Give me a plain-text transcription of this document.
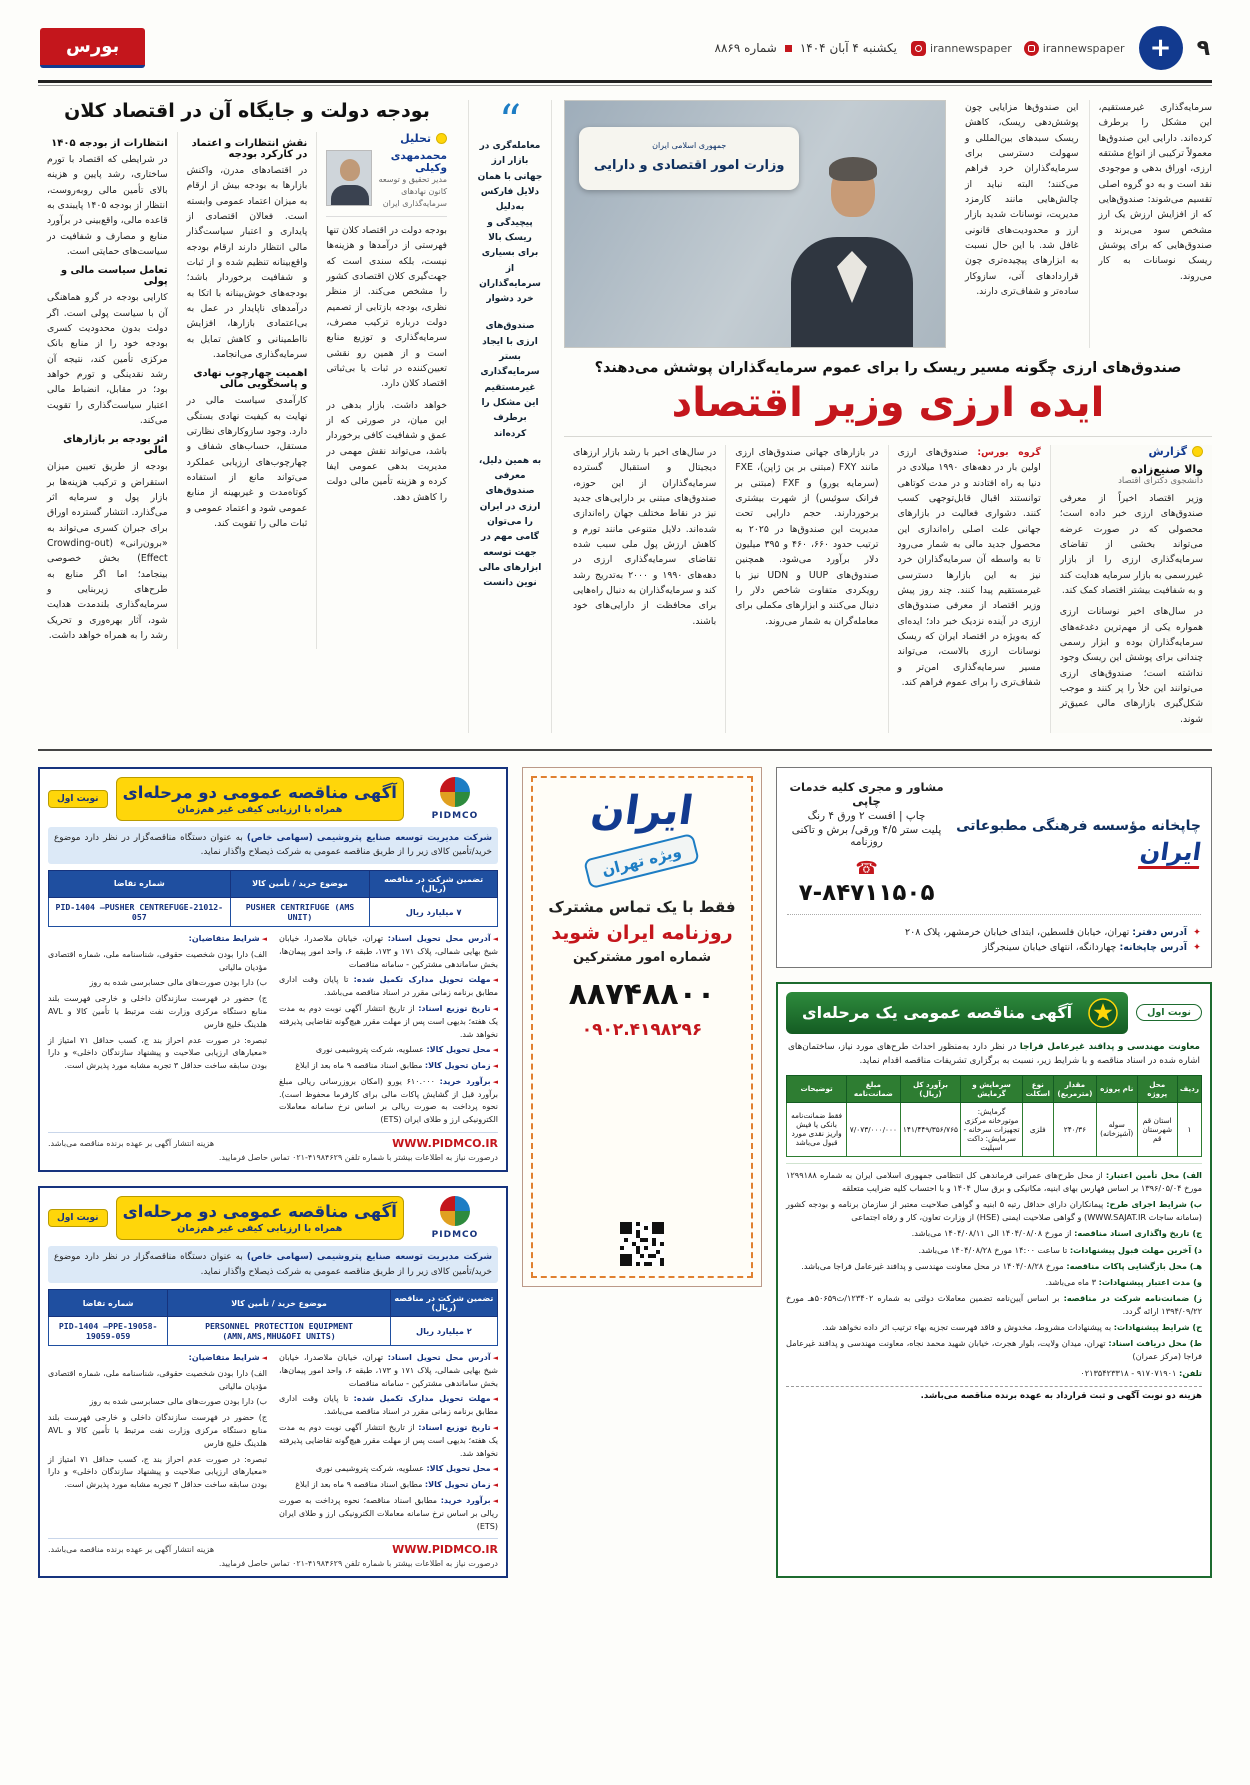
۹
+
irannewspaper
irannewspaper
یکشنبه ۴ آبان ۱۴۰۴
شماره ۸۸۶۹
بورس

سرمایه‌گذاری غیرمستقیم، این مشکل را برطرف کرده‌اند. دارایی این صندوق‌ها معمولاً ترکیبی از انواع مشتقه ارزی، اوراق بدهی و موجودی نقد است و به دو گروه اصلی تقسیم می‌شوند: صندوق‌هایی که از افزایش ارزش یک ارز مشخص سود می‌برند و صندوق‌هایی که برای پوشش ریسک نوسانات به کار می‌روند.

این صندوق‌ها مزایایی چون پوشش‌دهی ریسک، کاهش ریسک سبدهای بین‌المللی و سهولت دسترسی برای سرمایه‌گذاران خرد فراهم می‌کنند؛ البته نباید از چالش‌هایی مانند کارمزد مدیریت، نوسانات شدید بازار ارز و محدودیت‌های قانونی غافل شد. با این حال نسبت به ابزارهای پیچیده‌تری چون قراردادهای آتی، سازوکار ساده‌تر و شفاف‌تری دارند.

جمهوری اسلامی ایران
وزارت امور اقتصادی و دارایی
صندوق‌های ارزی چگونه مسیر ریسک را برای عموم سرمایه‌گذاران پوشش می‌دهند؟
ایده ارزی وزیر اقتصاد
گزارش
والا صنیع‌زاده
دانشجوی دکترای اقتصاد

وزیر اقتصاد اخیراً از معرفی صندوق‌های ارزی خبر داده است؛ محصولی که در صورت عرضه می‌تواند بخشی از تقاضای سرمایه‌گذاری ارزی را از بازار غیررسمی به بازار سرمایه هدایت کند و به شفافیت بیشتر اقتصاد کمک کند.

در سال‌های اخیر نوسانات ارزی همواره یکی از مهم‌ترین دغدغه‌های سرمایه‌گذاران بوده و ابزار رسمی چندانی برای پوشش این ریسک وجود نداشته است؛ صندوق‌های ارزی می‌توانند این خلأ را پر کنند و موجب شکل‌گیری بازارهای مالی عمیق‌تر شوند.

گروه بورس: صندوق‌های ارزی اولین بار در دهه‌های ۱۹۹۰ میلادی در دنیا به راه افتادند و در مدت کوتاهی توانستند اقبال قابل‌توجهی کسب کنند. دشواری فعالیت در بازارهای جهانی علت اصلی راه‌اندازی این محصول جدید مالی به شمار می‌رود تا به واسطه آن سرمایه‌گذاران خرد نیز به این بازارها دسترسی غیرمستقیم پیدا کنند. چند روز پیش وزیر اقتصاد از معرفی صندوق‌های ارزی در آینده نزدیک خبر داد؛ ایده‌ای که به‌ویژه در اقتصاد ایران که ریسک نوسانات ارزی بالاست، می‌تواند مسیر سرمایه‌گذاری امن‌تر و شفاف‌تری را برای عموم فراهم کند.

در بازارهای جهانی صندوق‌های ارزی مانند FXY (مبتنی بر ین ژاپن)، FXE (سرمایه یورو) و FXF (مبتنی بر فرانک سوئیس) از شهرت بیشتری برخوردارند. حجم دارایی تحت مدیریت این صندوق‌ها در ۲۰۲۵ به ترتیب حدود ۶۶۰، ۴۶۰ و ۳۹۵ میلیون دلار برآورد می‌شود. همچنین صندوق‌های UUP و UDN نیز با رویکردی متفاوت شاخص دلار را دنبال می‌کنند و ابزارهای مکملی برای معامله‌گران به شمار می‌روند.

در سال‌های اخیر با رشد بازار ارزهای دیجیتال و استقبال گسترده سرمایه‌گذاران از این حوزه، صندوق‌های مبتنی بر دارایی‌های جدید نیز در نقاط مختلف جهان راه‌اندازی شده‌اند. دلایل متنوعی مانند تورم و کاهش ارزش پول ملی سبب شده تقاضای سرمایه‌گذاری ارزی در دهه‌های ۱۹۹۰ و ۲۰۰۰ به‌تدریج رشد کند و سرمایه‌گذاران به دنبال راه‌هایی برای محافظت از دارایی‌های خود باشند.

“

معامله‌گری در بازار ارز جهانی با همان دلایل فارکس به‌دلیل پیچیدگی و ریسک بالا برای بسیاری از سرمایه‌گذاران خرد دشوار

صندوق‌های ارزی با ایجاد بستر سرمایه‌گذاری غیرمستقیم این مشکل را برطرف کرده‌اند

به همین دلیل، معرفی صندوق‌های ارزی در ایران را می‌توان گامی مهم در جهت توسعه ابزارهای مالی نوین دانست

بودجه دولت و جایگاه آن در اقتصاد کلان
تحلیل
محمدمهدی وکیلی
مدیر تحقیق و توسعه کانون نهادهای سرمایه‌گذاری ایران

بودجه دولت در اقتصاد کلان تنها فهرستی از درآمدها و هزینه‌ها نیست، بلکه سندی است که جهت‌گیری کلان اقتصادی کشور را مشخص می‌کند. از منظر نظری، بودجه بازتابی از تصمیم دولت درباره ترکیب مصرف، سرمایه‌گذاری و توزیع منابع است و از همین رو نقشی تعیین‌کننده در ثبات یا بی‌ثباتی اقتصاد کلان دارد.

خواهد داشت. بازار بدهی در این میان، در صورتی که از عمق و شفافیت کافی برخوردار باشد، می‌تواند نقش مهمی در مدیریت بدهی عمومی ایفا کرده و هزینه تأمین مالی دولت را کاهش دهد.

نقش انتظارات و اعتماد در کارکرد بودجه

در اقتصادهای مدرن، واکنش بازارها به بودجه بیش از ارقام به میزان اعتماد عمومی وابسته است. فعالان اقتصادی از پایداری و اعتبار سیاست‌گذار مالی انتظار دارند ارقام بودجه واقع‌بینانه تنظیم شده و از ثبات و شفافیت برخوردار باشد؛ بودجه‌های خوش‌بینانه با اتکا به درآمدهای ناپایدار در عمل به بی‌اعتمادی بازارها، افزایش نااطمینانی و کاهش تمایل به سرمایه‌گذاری می‌انجامد.

اهمیت چهارچوب نهادی و پاسخگویی مالی

کارآمدی سیاست مالی در نهایت به کیفیت نهادی بستگی دارد. وجود سازوکارهای نظارتی مستقل، حساب‌های شفاف و چهارچوب‌های ارزیابی عملکرد می‌تواند مانع از استفاده کوتاه‌مدت و غیربهینه از منابع عمومی شود و اعتماد عمومی و ثبات مالی را تقویت کند.

انتظارات از بودجه ۱۴۰۵

در شرایطی که اقتصاد با تورم ساختاری، رشد پایین و هزینه بالای تأمین مالی روبه‌روست، انتظار از بودجه ۱۴۰۵ پایبندی به قاعده مالی، واقع‌بینی در برآورد منابع و مصارف و شفافیت در سیاست‌های حمایتی است.

تعامل سیاست مالی و پولی

کارایی بودجه در گرو هماهنگی آن با سیاست پولی است. اگر دولت بدون محدودیت کسری بودجه خود را از منابع بانک مرکزی تأمین کند، نتیجه آن رشد نقدینگی و تورم خواهد بود؛ در مقابل، انضباط مالی اعتبار سیاست‌گذاری را تقویت می‌کند.

اثر بودجه بر بازارهای مالی

بودجه از طریق تعیین میزان استقراض و ترکیب هزینه‌ها بر بازار پول و سرمایه اثر می‌گذارد. انتشار گسترده اوراق برای جبران کسری می‌تواند به «برون‌رانی» (Crowding-out Effect) بخش خصوصی بینجامد؛ اما اگر منابع به طرح‌های زیربنایی و سرمایه‌گذاری بلندمدت هدایت شود، آثار بهره‌وری و تحریک رشد را به همراه خواهد داشت.

چاپخانه مؤسسه فرهنگی مطبوعاتی
ایران
مشاور و مجری کلیه خدمات چاپی
چاپ | افست ۲ ورق ۴ رنگ
پلیت ستر ۴/۵ ورقی/ برش و تاکنی روزنامه
☎ ۷-۸۴۷۱۱۵۰۵
✦ آدرس دفتر: تهران، خیابان فلسطین، ابتدای خیابان خرمشهر، پلاک ۲۰۸
✦ آدرس چاپخانه: چهاردانگه، انتهای خیابان سینجرگاز
نوبت اول
آگهی مناقصه عمومی یک مرحله‌ای

معاونت مهندسی و پدافند غیرعامل فراجا در نظر دارد به‌منظور احداث طرح‌های مورد نیاز، ساختمان‌های اشاره شده در اسناد مناقصه و با شرایط زیر، نسبت به برگزاری تشریفات مناقصه اقدام نماید.

ردیف	محل پروژه	نام پروژه	مقدار (مترمربع)	نوع اسکلت	سرمایش و گرمایش	برآورد کل (ریال)	مبلغ ضمانت‌نامه	توضیحات
۱	استان قم شهرستان قم	سوله (آشپزخانه)	۲۴۰/۳۶	فلزی	گرمایش: موتورخانه مرکزی تجهیزات سرخانه - سرمایش: داکت اسپلیت	۱۴۱/۴۴۹/۳۵۶/۷۶۵	۷/۰۷۳/۰۰۰/۰۰۰	فقط ضمانت‌نامه بانکی یا فیش واریز نقدی مورد قبول می‌باشد
الف) محل تأمین اعتبار: از محل طرح‌های عمرانی فرماندهی کل انتظامی جمهوری اسلامی ایران به شماره ۱۲۹۹۱۸۸ مورخ ۱۳۹۶/۰۵/۰۴ بر اساس فهارس بهای ابنیه، مکانیکی و برق سال ۱۴۰۴ و با احتساب کلیه ضرایب متعلقه
ب) شرایط اجرای طرح: پیمانکاران دارای حداقل رتبه ۵ ابنیه و گواهی صلاحیت معتبر از سازمان برنامه و بودجه کشور (سامانه ساجات WWW.SAJAT.IR) و گواهی صلاحیت ایمنی (HSE) از وزارت تعاون، کار و رفاه اجتماعی
ج) تاریخ واگذاری اسناد مناقصه: از مورخ ۱۴۰۴/۰۸/۰۸ الی ۱۴۰۴/۰۸/۱۱ می‌باشد.
د) آخرین مهلت قبول پیشنهادات: تا ساعت ۱۴:۰۰ مورخ ۱۴۰۴/۰۸/۲۸ می‌باشد.
هـ) محل بازگشایی پاکات مناقصه: مورخ ۱۴۰۴/۰۸/۲۸ در محل معاونت مهندسی و پدافند غیرعامل فراجا می‌باشد.
و) مدت اعتبار پیشنهادات: ۳ ماه می‌باشد.
ز) ضمانت‌نامه شرکت در مناقصه: بر اساس آیین‌نامه تضمین معاملات دولتی به شماره ۱۲۳۴۰۲/ت۵۰۶۵۹هـ مورخ ۱۳۹۴/۰۹/۲۲ ارائه گردد.
ح) شرایط پیشنهادات: به پیشنهادات مشروط، مخدوش و فاقد فهرست تجزیه بهاء ترتیب اثر داده نخواهد شد.
ط) محل دریافت اسناد: تهران، میدان ولایت، بلوار هجرت، خیابان شهید محمد نجاه، معاونت مهندسی و پدافند غیرعامل فراجا (مرکز عمران)
تلفن: ۹۱۷۰۷۱۹۰۱ - ۰۲۱۳۵۴۲۳۳۱۸
هزینه دو نوبت آگهی و ثبت قرارداد به عهده برنده مناقصه می‌باشد.
ایران
ویژه تهران
فقط با یک تماس مشترک
روزنامه ایران شوید
شماره امور مشترکین
۸۸۷۴۸۸۰۰
۰۹۰۲.۴۱۹۸۲۹۶
PIDMCO
آگهی مناقصه عمومی دو مرحله‌ای
همراه با ارزیابی کیفی غیر هم‌زمان
نوبت اول

شرکت مدیریت توسعه صنایع پتروشیمی (سهامی خاص) به عنوان دستگاه مناقصه‌گزار در نظر دارد موضوع خرید/تأمین کالای زیر را از طریق مناقصه عمومی به شرکت ذیصلاح واگذار نماید.

تضمین شرکت در مناقصه (ریال)	موضوع خرید / تأمین کالا	شماره تقاضا
۷ میلیارد ریال	PUSHER CENTRIFUGE (AMS UNIT)	PID-1404 –PUSHER CENTREFUGE-21012-057
◄آدرس محل تحویل اسناد: تهران، خیابان ملاصدرا، خیابان شیخ بهایی شمالی، پلاک ۱۷۱ و ۱۷۳، طبقه ۶، واحد امور پیمان‌ها، بخش ساماندهی مشترکین - سامانه مناقصات
◄مهلت تحویل مدارک تکمیل شده: تا پایان وقت اداری مطابق برنامه زمانی مقرر در اسناد مناقصه می‌باشد.
◄تاریخ توزیع اسناد: از تاریخ انتشار آگهی نوبت دوم به مدت یک هفته؛ بدیهی است پس از مهلت مقرر هیچ‌گونه تقاضایی پذیرفته نخواهد شد.
◄محل تحویل کالا: عسلویه، شرکت پتروشیمی نوری
◄زمان تحویل کالا: مطابق اسناد مناقصه ۹ ماه بعد از ابلاغ
◄برآورد خرید: ۶۱۰.۰۰۰ یورو (امکان بروزرسانی ریالی مبلغ برآورد قبل از گشایش پاکات مالی برای کارفرما محفوظ است). نحوه پرداخت به صورت ریالی بر اساس نرخ سامانه معاملات الکترونیکی ارز و طلای ایران (ETS)
◄شرایط متقاضیان:
الف) دارا بودن شخصیت حقوقی، شناسنامه ملی، شماره اقتصادی مؤدیان مالیاتی
ب) دارا بودن صورت‌های مالی حسابرسی شده به روز
ج) حضور در فهرست سازندگان داخلی و خارجی فهرست بلند منابع دستگاه مرکزی وزارت نفت مرتبط با تأمین کالا و AVL هلدینگ خلیج فارس
تبصره: در صورت عدم احراز بند ج، کسب حداقل ۷۱ امتیاز از «معیارهای ارزیابی صلاحیت و پیشنهاد سازندگان داخلی» و دارا بودن سابقه ساخت حداقل ۳ تجربه مشابه مورد پذیرش است.
WWW.PIDMCO.IR
هزینه انتشار آگهی بر عهده برنده مناقصه می‌باشد.
درصورت نیاز به اطلاعات بیشتر با شماره تلفن ۴۱۹۸۴۶۲۹-۰۲۱ تماس حاصل فرمایید.
PIDMCO
آگهی مناقصه عمومی دو مرحله‌ای
همراه با ارزیابی کیفی غیر هم‌زمان
نوبت اول

شرکت مدیریت توسعه صنایع پتروشیمی (سهامی خاص) به عنوان دستگاه مناقصه‌گزار در نظر دارد موضوع خرید/تأمین کالای زیر را از طریق مناقصه عمومی به شرکت ذیصلاح واگذار نماید.

تضمین شرکت در مناقصه (ریال)	موضوع خرید / تأمین کالا	شماره تقاضا
۲ میلیارد ریال	PERSONNEL PROTECTION EQUIPMENT (AMN,AMS,MHU&OFI UNITS)	PID-1404 –PPE-19058-19059-059
◄آدرس محل تحویل اسناد: تهران، خیابان ملاصدرا، خیابان شیخ بهایی شمالی، پلاک ۱۷۱ و ۱۷۳، طبقه ۶، واحد امور پیمان‌ها، بخش ساماندهی مشترکین - سامانه مناقصات
◄مهلت تحویل مدارک تکمیل شده: تا پایان وقت اداری مطابق برنامه زمانی مقرر در اسناد مناقصه می‌باشد.
◄تاریخ توزیع اسناد: از تاریخ انتشار آگهی نوبت دوم به مدت یک هفته؛ بدیهی است پس از مهلت مقرر هیچ‌گونه تقاضایی پذیرفته نخواهد شد.
◄محل تحویل کالا: عسلویه، شرکت پتروشیمی نوری
◄زمان تحویل کالا: مطابق اسناد مناقصه ۹ ماه بعد از ابلاغ
◄برآورد خرید: مطابق اسناد مناقصه؛ نحوه پرداخت به صورت ریالی بر اساس نرخ سامانه معاملات الکترونیکی ارز و طلای ایران (ETS)
◄شرایط متقاضیان:
الف) دارا بودن شخصیت حقوقی، شناسنامه ملی، شماره اقتصادی مؤدیان مالیاتی
ب) دارا بودن صورت‌های مالی حسابرسی شده به روز
ج) حضور در فهرست سازندگان داخلی و خارجی فهرست بلند منابع دستگاه مرکزی وزارت نفت مرتبط با تأمین کالا و AVL هلدینگ خلیج فارس
تبصره: در صورت عدم احراز بند ج، کسب حداقل ۷۱ امتیاز از «معیارهای ارزیابی صلاحیت و پیشنهاد سازندگان داخلی» و دارا بودن سابقه ساخت حداقل ۳ تجربه مشابه مورد پذیرش است.
WWW.PIDMCO.IR
هزینه انتشار آگهی بر عهده برنده مناقصه می‌باشد.
درصورت نیاز به اطلاعات بیشتر با شماره تلفن ۴۱۹۸۴۶۲۹-۰۲۱ تماس حاصل فرمایید.
